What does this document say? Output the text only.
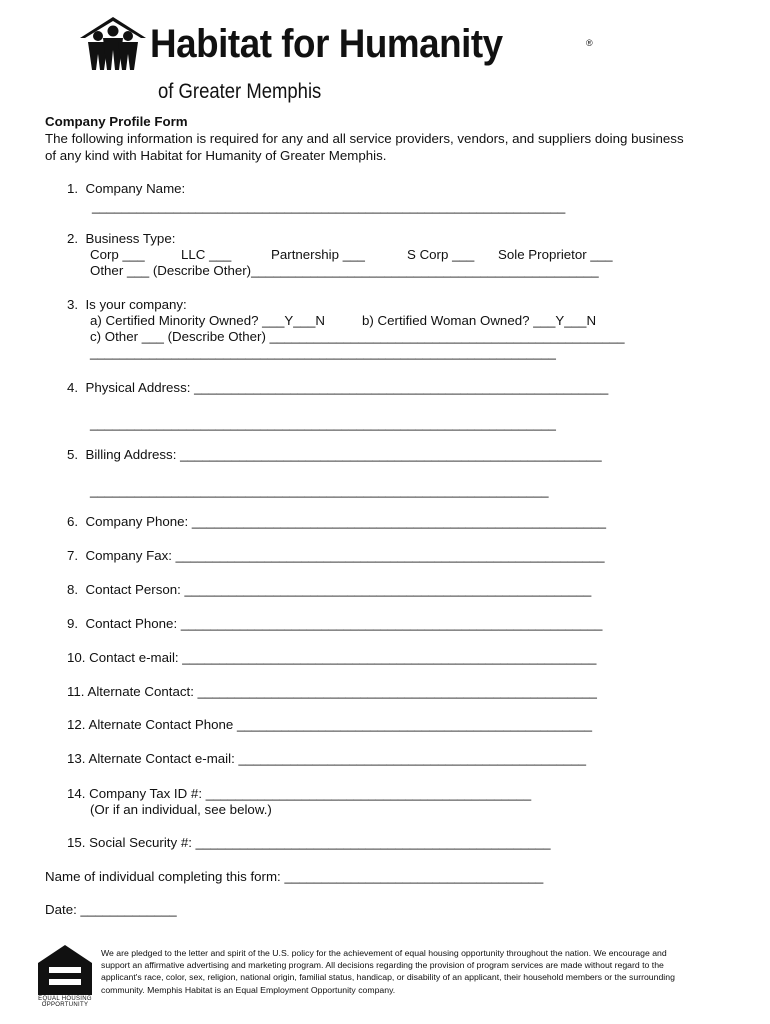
Habitat for Humanity	®
of Greater Memphis
Company Profile Form
The following information is required for any and all service providers, vendors, and suppliers doing business
of any kind with Habitat for Humanity of Greater Memphis.
1.  Company Name:
________________________________________________________________
2.  Business Type:
Corp ___	LLC ___	Partnership ___	S Corp ___ Sole Proprietor ___
Other ___ (Describe Other)_______________________________________________
3.  Is your company:
a) Certified Minority Owned? ___Y___N	b) Certified Woman Owned? ___Y___N
c) Other ___ (Describe Other) ________________________________________________
_______________________________________________________________
4.  Physical Address: ________________________________________________________
_______________________________________________________________
5.  Billing Address: _________________________________________________________
______________________________________________________________
6.  Company Phone: ________________________________________________________
7.  Company Fax: __________________________________________________________
8.  Contact Person: _______________________________________________________
9.  Contact Phone: _________________________________________________________
10. Contact e-mail: ________________________________________________________
11. Alternate Contact: ______________________________________________________
12. Alternate Contact Phone ________________________________________________
13. Alternate Contact e-mail: _______________________________________________
14. Company Tax ID #: ____________________________________________
(Or if an individual, see below.)
15. Social Security #: ________________________________________________
Name of individual completing this form: ___________________________________
Date: _____________
EQUAL HOUSING OPPORTUNITY
We are pledged to the letter and spirit of the U.S. policy for the achievement of equal housing opportunity throughout the nation. We encourage and support an affirmative advertising and marketing program. All decisions regarding the provision of program services are made without regard to the applicant's race, color, sex, religion, national origin, familial status, handicap, or disability of an applicant, their household members or the surrounding community. Memphis Habitat is an Equal Employment Opportunity company.
